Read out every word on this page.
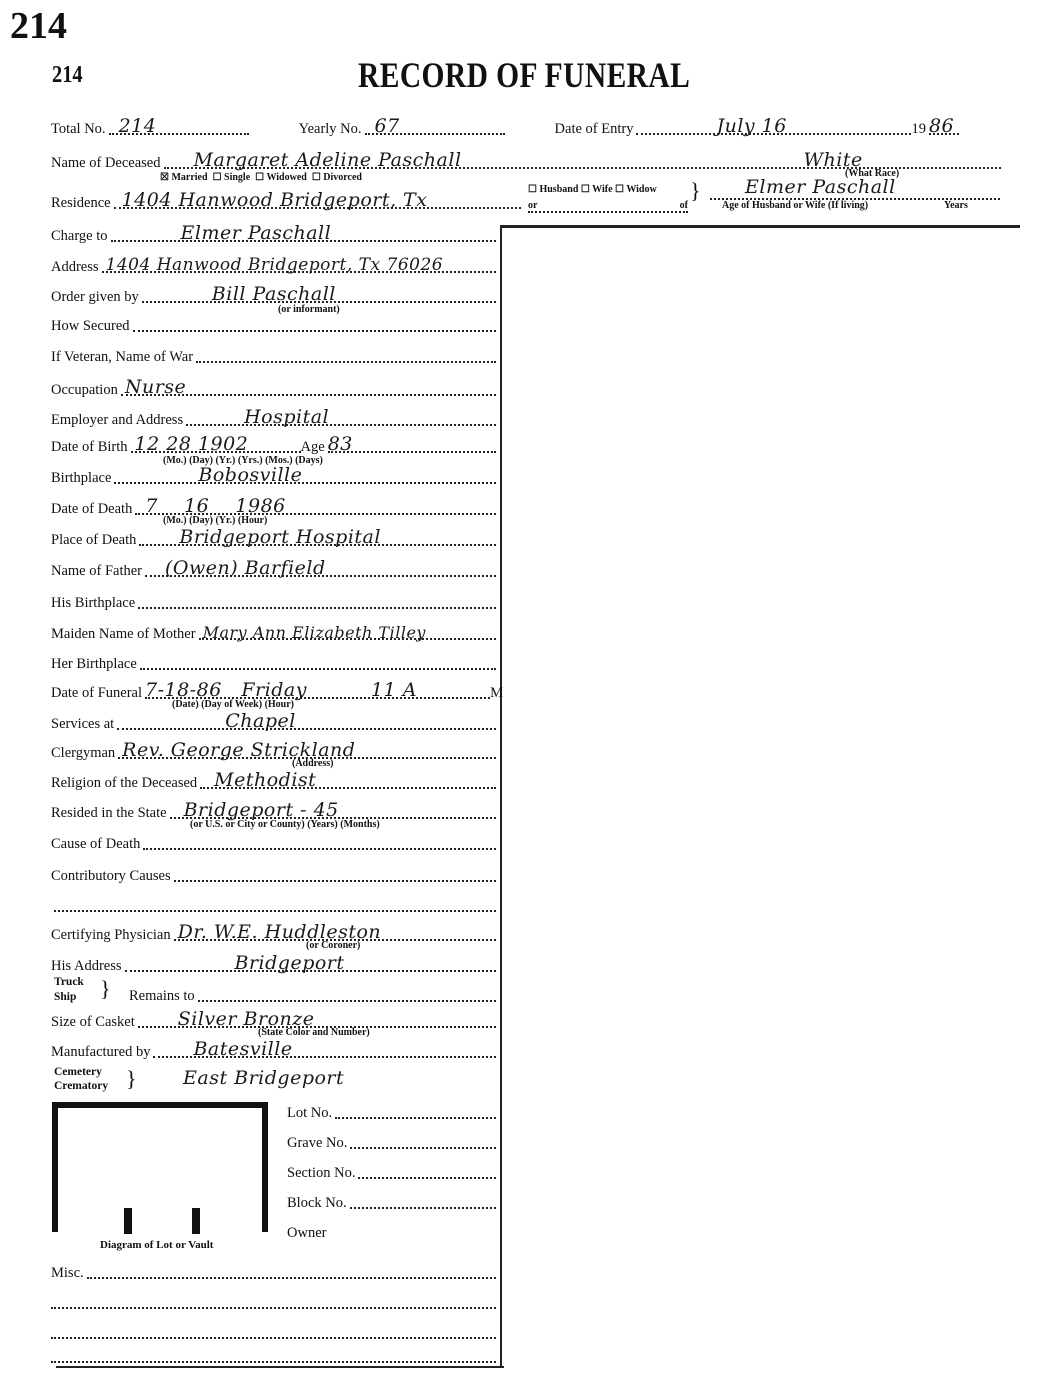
214
214	RECORD OF FUNERAL
Total No. 214	Yearly No. 67	Date of Entry	July 16	19 86
Name of Deceased Margaret Adeline Paschall	White
☒ Married ☐ Single ☐ Widowed ☐ Divorced	(What Race)
Residence 1404 Hanwood Bridgeport, Tx	☐ Husband ☐ Wife ☐ Widow
or	of
} Elmer Paschall
Age of Husband or Wife (If living)	Years
Charge to	Elmer Paschall
Address 1404 Hanwood Bridgeport, Tx 76026
Order given by	Bill Paschall
(or informant)
How Secured
If Veteran, Name of War
Occupation Nurse
Employer and Address	Hospital
Date of Birth 12 28 1902	Age 83
(Mo.) (Day) (Yr.) (Yrs.) (Mos.) (Days)
Birthplace	Bobosville
Date of Death 7    16    1986
(Mo.) (Day) (Yr.) (Hour)
Place of Death Bridgeport Hospital
Name of Father (Owen) Barfield
His Birthplace
Maiden Name of Mother Mary Ann Elizabeth Tilley
Her Birthplace
Date of Funeral 7-18-86   Friday	11 A	M
(Date) (Day of Week) (Hour)
Services at	Chapel
Clergyman Rev. George Strickland
(Address)
Religion of the Deceased Methodist
Resided in the State Bridgeport - 45
(or U.S. or City or County) (Years) (Months)
Cause of Death
Contributory Causes
Certifying Physician Dr. W.E. Huddleston
(or Coroner)
His Address	Bridgeport
Truck
Ship	} Remains to
Size of Casket Silver Bronze
(State Color and Number)
Manufactured by Batesville
Cemetery
Crematory } East Bridgeport
Diagram of Lot or Vault
Lot No.
Grave No.
Section No.
Block No.
Owner
Misc.
